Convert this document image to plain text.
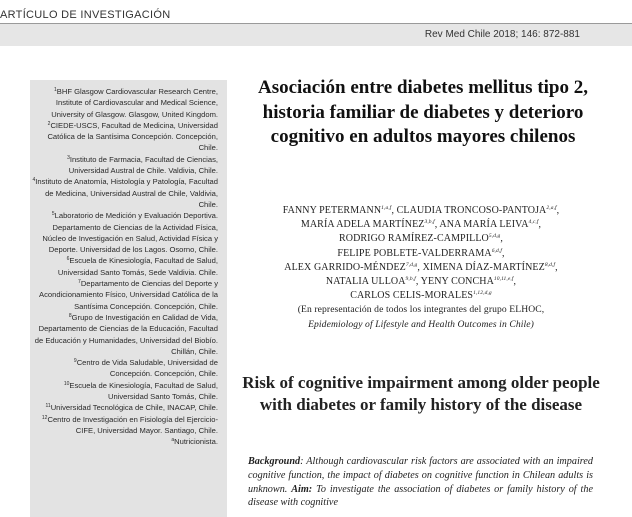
ARTÍCULO DE INVESTIGACIÓN
Rev Med Chile 2018; 146: 872-881
$^1$BHF Glasgow Cardiovascular Research Centre, Institute of Cardiovascular and Medical Science, University of Glasgow. Glasgow, United Kingdom.
$^2$CIEDE-USCS, Facultad de Medicina, Universidad Católica de la Santísima Concepción. Concepción, Chile.
$^3$Instituto de Farmacia, Facultad de Ciencias, Universidad Austral de Chile. Valdivia, Chile.
$^4$Instituto de Anatomía, Histología y Patología, Facultad de Medicina, Universidad Austral de Chile, Valdivia, Chile.
$^5$Laboratorio de Medición y Evaluación Deportiva. Departamento de Ciencias de la Actividad Física, Núcleo de Investigación en Salud, Actividad Física y Deporte. Universidad de los Lagos. Osorno, Chile.
$^6$Escuela de Kinesiología, Facultad de Salud, Universidad Santo Tomás, Sede Valdivia. Chile.
$^7$Departamento de Ciencias del Deporte y Acondicionamiento Físico, Universidad Católica de la Santísima Concepción. Concepción, Chile.
$^8$Grupo de Investigación en Calidad de Vida, Departamento de Ciencias de la Educación, Facultad de Educación y Humanidades, Universidad del Biobío. Chillán, Chile.
$^9$Centro de Vida Saludable, Universidad de Concepción. Concepción, Chile.
$^{10}$Escuela de Kinesiología, Facultad de Salud, Universidad Santo Tomás, Chile.
$^{11}$Universidad Tecnológica de Chile, INACAP, Chile.
$^{12}$Centro de Investigación en Fisiología del Ejercicio-CIFE, Universidad Mayor. Santiago, Chile.
$^a$Nutricionista.
Asociación entre diabetes mellitus tipo 2, historia familiar de diabetes y deterioro cognitivo en adultos mayores chilenos
FANNY PETERMANN$^{1,a,f}$, CLAUDIA TRONCOSO-PANTOJA$^{2,a,f}$,
MARÍA ADELA MARTÍNEZ$^{3,b,f}$, ANA MARÍA LEIVA$^{4,c,f}$,
RODRIGO RAMÍREZ-CAMPILLO$^{5,d,g}$,
FELIPE POBLETE-VALDERRAMA$^{6,d,f}$,
ALEX GARRIDO-MÉNDEZ$^{7,d,g}$, XIMENA DÍAZ-MARTÍNEZ$^{8,d,f}$,
NATALIA ULLOA$^{9,b,f}$, YENY CONCHA$^{10,11,e,f}$,
CARLOS CELIS-MORALES$^{1,12,d,g}$
(En representación de todos los integrantes del grupo ELHOC,
Epidemiology of Lifestyle and Health Outcomes in Chile)
Risk of cognitive impairment among older people with diabetes or family history of the disease

Background: Although cardiovascular risk factors are associated with an impaired cognitive function, the impact of diabetes on cognitive function in Chilean adults is unknown. Aim: To investigate the association of diabetes or family history of the disease with cognitive
